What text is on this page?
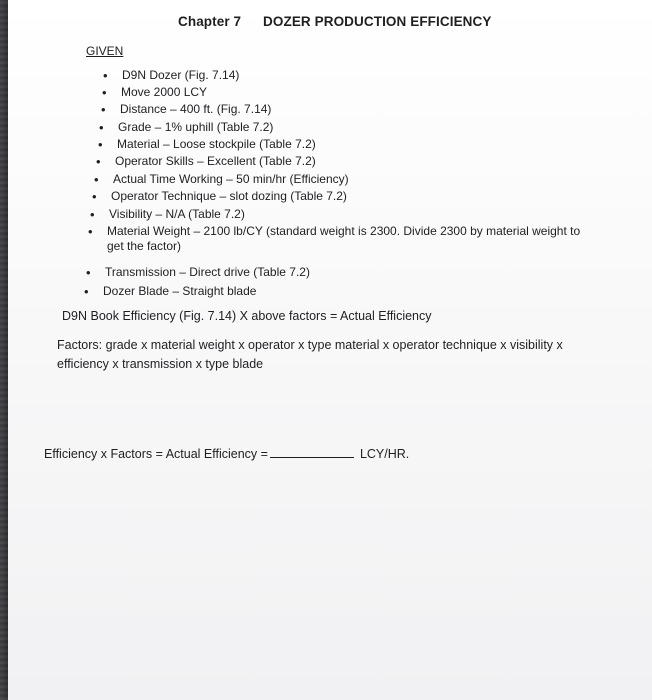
Chapter 7 DOZER PRODUCTION EFFICIENCY
GIVEN
• D9N Dozer (Fig. 7.14)
• Move 2000 LCY
• Distance – 400 ft. (Fig. 7.14)
• Grade – 1% uphill (Table 7.2)
• Material – Loose stockpile (Table 7.2)
• Operator Skills – Excellent (Table 7.2)
• Actual Time Working – 50 min/hr (Efficiency)
• Operator Technique – slot dozing (Table 7.2)
• Visibility – N/A (Table 7.2)
• Material Weight – 2100 lb/CY (standard weight is 2300. Divide 2300 by material weight to get the factor)
• Transmission – Direct drive (Table 7.2)
• Dozer Blade – Straight blade
D9N Book Efficiency (Fig. 7.14) X above factors = Actual Efficiency
Factors: grade x material weight x operator x type material x operator technique x visibility x efficiency x transmission x type blade
Efficiency x Factors = Actual Efficiency =	LCY/HR.
